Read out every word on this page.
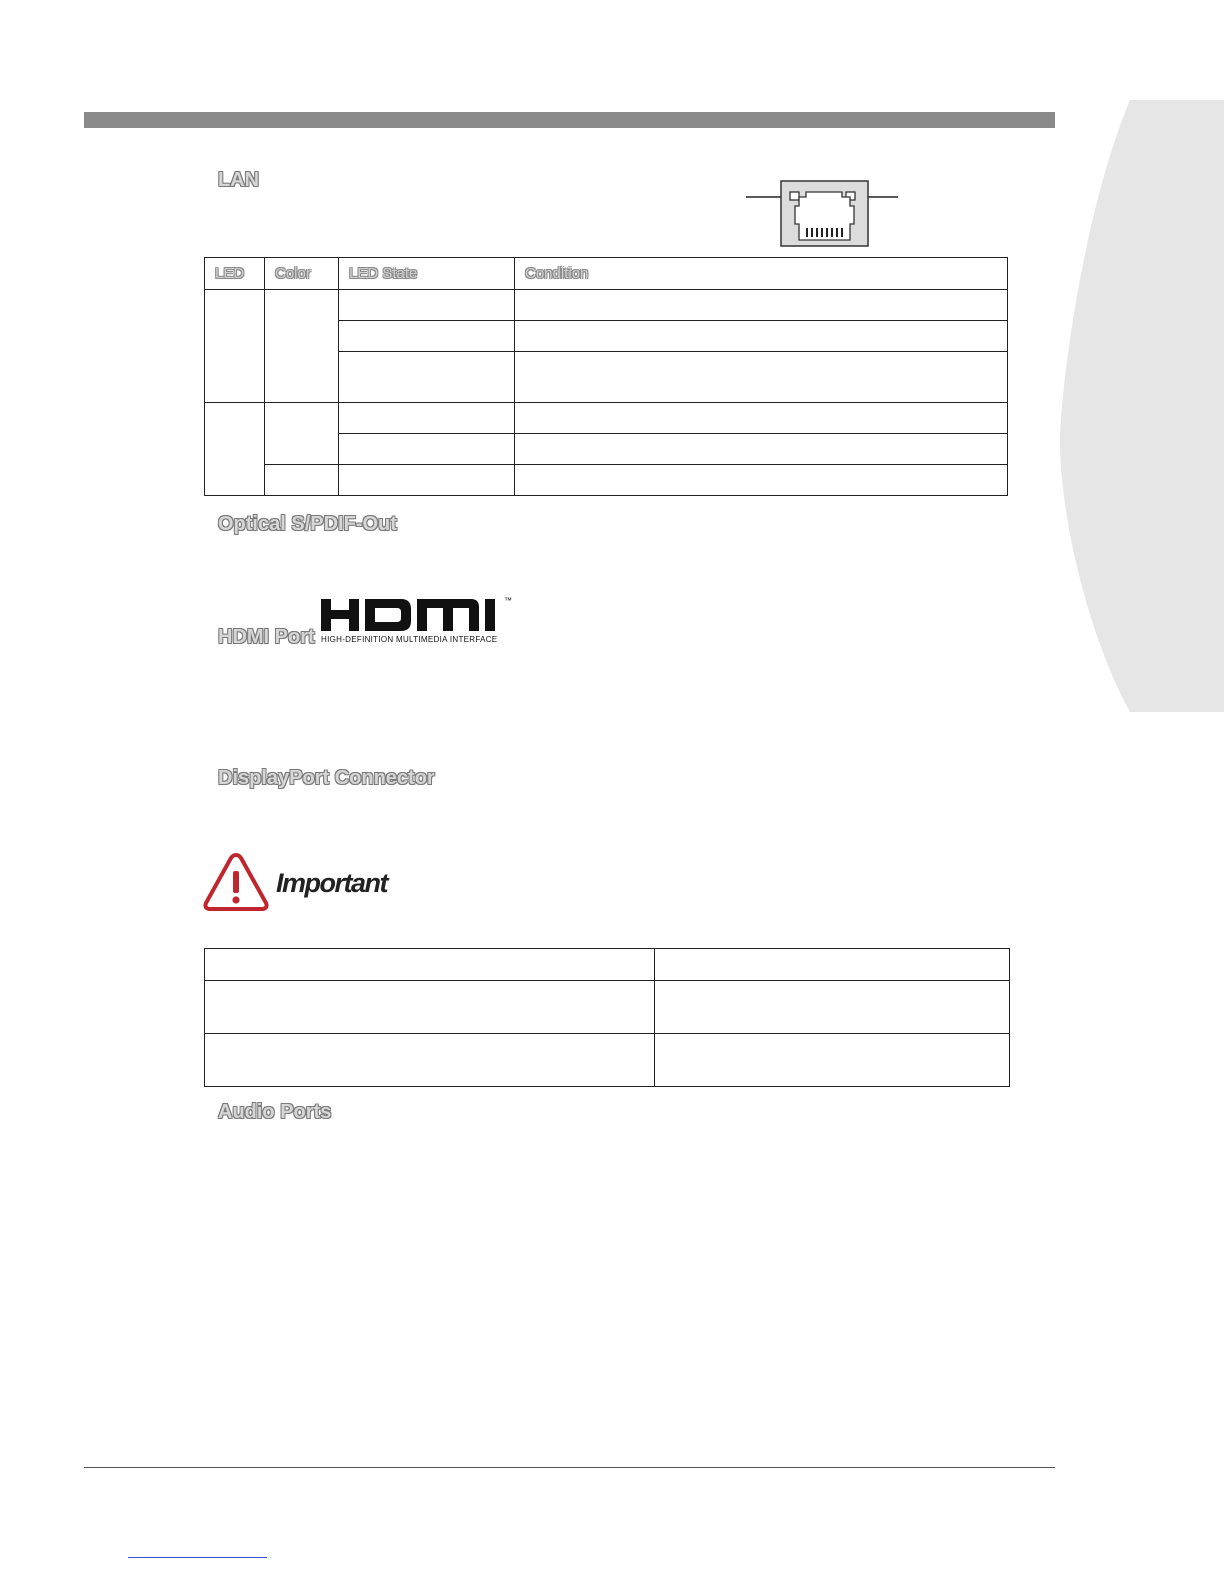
LAN
LED	Color	LED State	Condition

Optical S/PDIF-Out
HDMI Port
™
HIGH-DEFINITION MULTIMEDIA INTERFACE
DisplayPort Connector
Important

Audio Ports
